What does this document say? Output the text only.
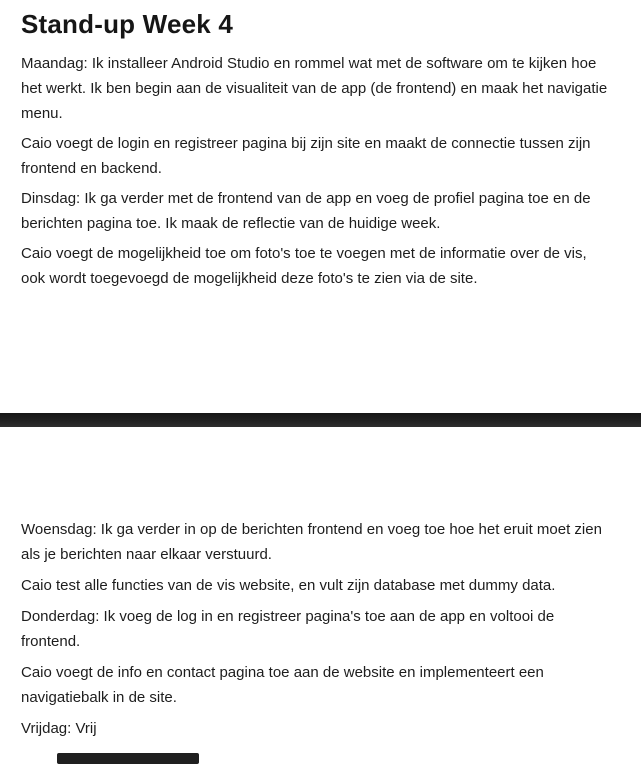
Stand-up Week 4
Maandag: Ik installeer Android Studio en rommel wat met de software om te kijken hoe
het werkt. Ik ben begin aan de visualiteit van de app (de frontend) en maak het navigatie
menu.
Caio voegt de login en registreer pagina bij zijn site en maakt de connectie tussen zijn
frontend en backend.
Dinsdag: Ik ga verder met de frontend van de app en voeg de profiel pagina toe en de
berichten pagina toe. Ik maak de reflectie van de huidige week.
Caio voegt de mogelijkheid toe om foto's toe te voegen met de informatie over de vis,
ook wordt toegevoegd de mogelijkheid deze foto's te zien via de site.
Woensdag: Ik ga verder in op de berichten frontend en voeg toe hoe het eruit moet zien
als je berichten naar elkaar verstuurd.
Caio test alle functies van de vis website, en vult zijn database met dummy data.
Donderdag: Ik voeg de log in en registreer pagina's toe aan de app en voltooi de
frontend.
Caio voegt de info en contact pagina toe aan de website en implementeert een
navigatiebalk in de site.
Vrijdag: Vrij
